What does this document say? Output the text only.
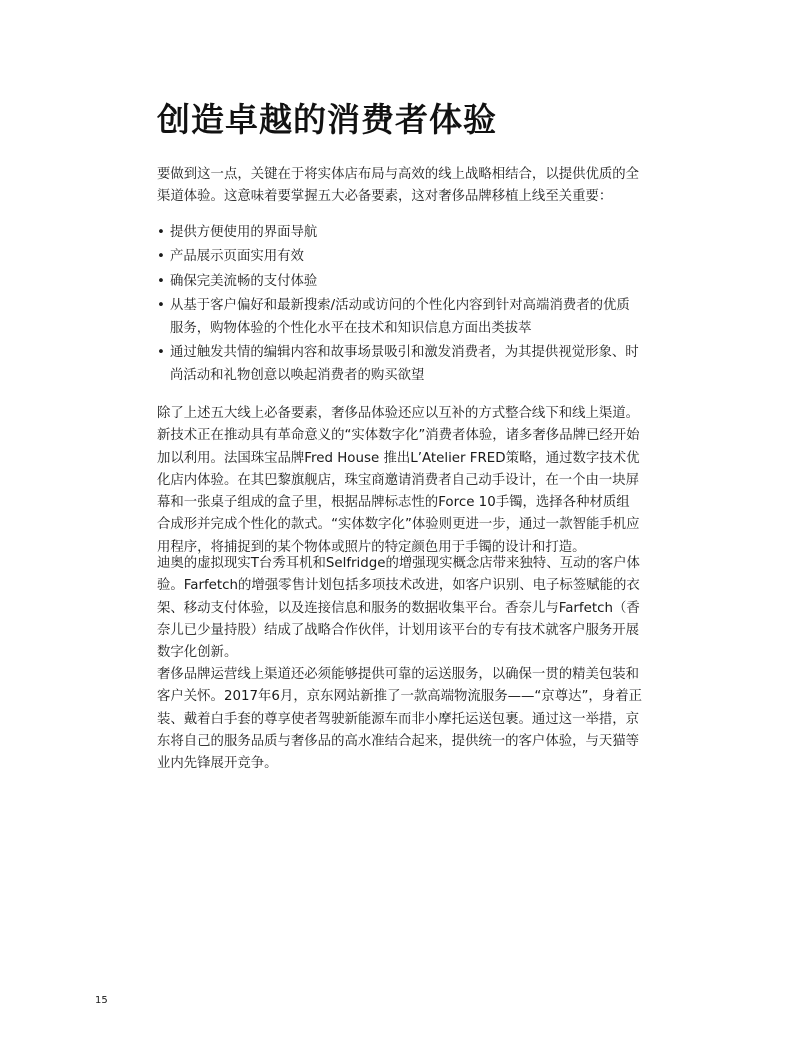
创造卓越的消费者体验

要做到这一点，关键在于将实体店布局与高效的线上战略相结合，以提供优质的全渠道体验。这意味着要掌握五大必备要素，这对奢侈品牌移植上线至关重要：

• 提供方便使用的界面导航
• 产品展示页面实用有效
• 确保完美流畅的支付体验
• 从基于客户偏好和最新搜索/活动或访问的个性化内容到针对高端消费者的优质服务，购物体验的个性化水平在技术和知识信息方面出类拔萃
• 通过触发共情的编辑内容和故事场景吸引和激发消费者，为其提供视觉形象、时尚活动和礼物创意以唤起消费者的购买欲望

除了上述五大线上必备要素，奢侈品体验还应以互补的方式整合线下和线上渠道。新技术正在推动具有革命意义的“实体数字化”消费者体验，诸多奢侈品牌已经开始加以利用。法国珠宝品牌Fred House 推出L’Atelier FRED策略，通过数字技术优化店内体验。在其巴黎旗舰店，珠宝商邀请消费者自己动手设计，在一个由一块屏幕和一张桌子组成的盒子里，根据品牌标志性的Force 10手镯，选择各种材质组合成形并完成个性化的款式。“实体数字化”体验则更进一步，通过一款智能手机应用程序，将捕捉到的某个物体或照片的特定颜色用于手镯的设计和打造。

迪奥的虚拟现实T台秀耳机和Selfridge的增强现实概念店带来独特、互动的客户体验。Farfetch的增强零售计划包括多项技术改进，如客户识别、电子标签赋能的衣架、移动支付体验，以及连接信息和服务的数据收集平台。香奈儿与Farfetch（香奈儿已少量持股）结成了战略合作伙伴，计划用该平台的专有技术就客户服务开展数字化创新。

奢侈品牌运营线上渠道还必须能够提供可靠的运送服务，以确保一贯的精美包装和客户关怀。2017年6月，京东网站新推了一款高端物流服务——“京尊达”，身着正装、戴着白手套的尊享使者驾驶新能源车而非小摩托运送包裹。通过这一举措，京东将自己的服务品质与奢侈品的高水准结合起来，提供统一的客户体验，与天猫等业内先锋展开竞争。

15
